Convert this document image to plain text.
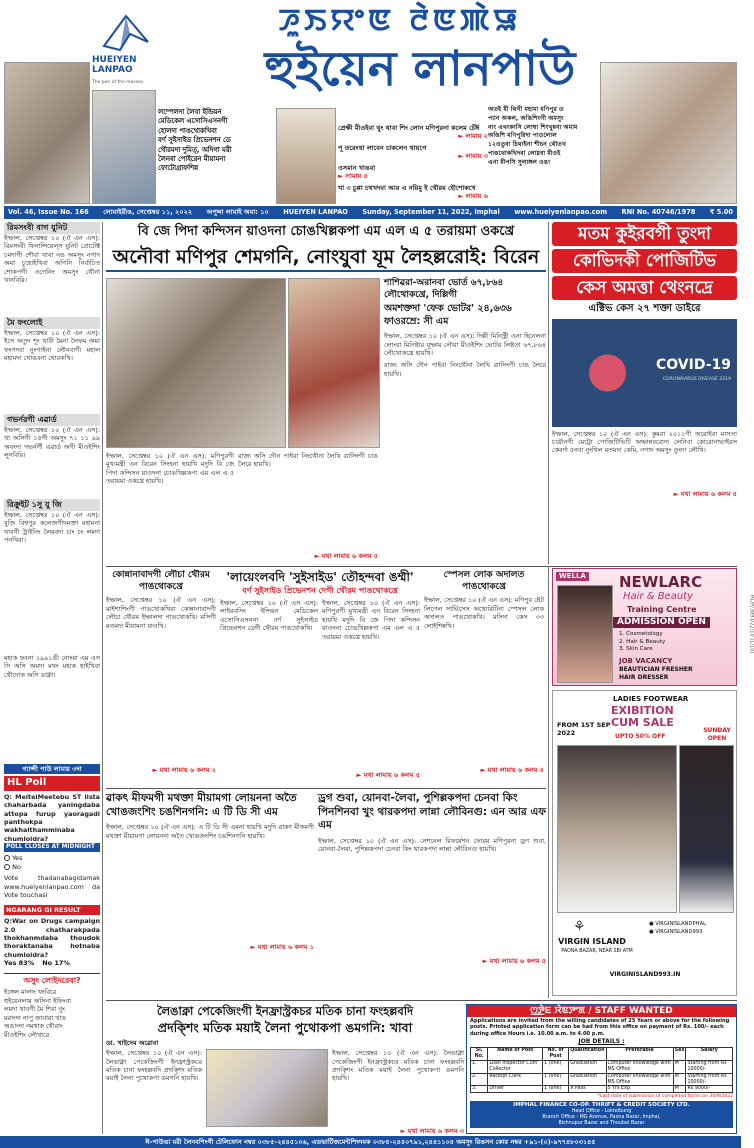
HUEIYEN LANPAO
The pen of the masses
ꯍꯨꯏꯌꯦꯟ ꯂꯥꯟꯄꯥꯎ
হুইয়েন লানপাউ
লম্পেলদা লৈবা ইন্ডিয়ন
মেডিকেল এসোসিএসনগী
হোলদা পাঙথোকখিবা
বর্ণ সুইসাইড প্রিভেনশন ডে
থৌরমদা দুমিত্, অদিগা মরী
লৈনবা পোইরেন মীয়ামনা
ফোটোগ্রাফশিন্ন
প্রেক্ষী মীওইবা থুং থাবা শিং লোন মণিপুরনা কলেম চেঁঈ
► লামায় ২
পূ তরেংথা লাবেন চাকলেন থায়গে
► লামায় ৩
ওসমান খাঙবা
► লামায় ৪
খা ৩ চুপ্পা চথখদবা আর এ নয়িমু ই থৌরম হৌশোকখে
► লামায় ৬
অতই মী থিগী মহামা মণিপুর ত
প্যান অকল, অঙিশিংগী অমসুং
নাং এথংকাসি লোম্বা শিংখুন্নবা অমাম
অঙিশি মণিপুরিদা পাওলোল
১২ওতুবা চিথাইনা শীচন থৌতখ
পাঙথোকখিদবা লোম্নবা মীওই
এনা মীপসি সুলাঙ্গল ওঙা
Vol. 46, Issue No. 166 লোমাইরীঙ, সেপ্তেম্বর ১১, ২০২২ অপুদ্দা লামাই অমা: ১০ HUEIYEN LANPAO Sunday, September 11, 2022, Imphal www.hueiyenlanpao.com RNI No. 40746/1978 ₹ 5.00
রিমসংবী বাগ যুনিট
ইম্ফাল, সেপ্তেম্বর ১০ (ঐ এন এস): রিমসংবী ফিনান্সিয়েল্স যুনিট প্রোটেক্ট চমদাগী শৌবা থাবা নঙ অমসুং নগাদ অমা চুহোইখিবা অগিনি নির্বাচিত শোকপগী ওপেনিং অমসুং থৌনা খানবিরি।
মৈ ফংলোই
ইম্ফাল, সেপ্তেম্বর ১০ (ঐ এন এস): ইসে অতুদ শূং থাবী মৈনা লৈফম অমা ফংগদবা নুংগাইনা লৌনবাগী মহাল মহামদা থোঙবনা থোরকখি।
গভর্নরগী এৱার্ড
ইম্ফাল, সেপ্তেম্বর ১০ (ঐ এন এস): থা অসিগী ১৫গী অমসুং ৭১ ১১ ৯৯ অবংদা গভর্নর্গী এৱার্ড অগী মীওইশিং লুনবিরি।
রিক্রুইট ১সু যু জি
ইম্ফাল, সেপ্তেম্বর ১০ (ঐ এন এস): যুজি বিশ্বপুর কলেজগীদমক্তা মহামনা থাবগী ট্রাইনিং লৈরবদা চাং চং লমদা পনখিবা।
মহাক ফবনা ১৯৯১ঙী নোংমা এম এস সি অসি অমদা মথং মহাক হাইখিবা থৌদোক অসি ঙাক্না।
গ্যাপ্সী পাউ লামায় ৩দা
HL Poll
Q: MeiteiMeetebu ST lista chaharbada yaningdaba attopa furup yaoragadi panthokpa wakhalthamminaba chumloidra?
POLL CLOSES AT MIDNIGHT
Yes
No
Vote thadanabagidamak www.hueiyenlanpao.com da Vote touchasi
NGARANG GI RESULT
Q:War on Drugs campaign 2.0 chatharakpada thokhanmdaba thoudok thoraktanaba hotnaba chumloidra?
Yes 83% No 17%
অসুং লোইদরেবা?
ইঙ্গেল মালাং খংবিরে
হুইয়েনলাম অসিনা ইফিংবা
লমদা থাবগী মৈ শিবা নুং
মরাংদা নাপু জাবারা খাঙ
অঙাংদা নমথাক থৌরাং
মীওইশিং লৌখারে
বি জে পিদা কন্দিসন য়াওদনা চোঙখিল্লকপা এম এল এ ৫ তরায়মা ওকখ্রে
অনৌবা মণিপুর শেমগনি, নোংযুবা যূম লৈহল্লরোই: বিরেন
ইম্ফাল, সেপ্তেম্বর ১০ (ঐ এন এস): মণিপুরগী মুখ্যমন্ত্রী এন বিরেন সিংহনা হায়খি মদুদি বি জে পিদা কন্দিসন য়াওদনা চোঙখিল্লকপা এম এল এ ৫ তরায়মা ওকখ্রে হায়খি।
রাজ্য অসি দৌন পাইবা নিংথৌনা লৈখি ত্রাসিংগী চাঙ লৈরে হায়খি।
► মথা লামায় ৬ কলম ৫
শাশিৱরা-অরানবা ভোর্ত ৬৭,৮৬৪ লৌথোকখ্রে, দিল্লিগী
অমশক্তদা 'ফেক ভোটর' ২৪,৬৩৬ ফাওরম্রে: সী এম
ইম্ফাল, সেপ্তেম্বর ১০ (ঐ এন এস): দিল্লী মিনিস্ট্রী এনা হিনেলনা লোংবা মিনিষ্টার যূম্ফাম লৌবা মীওইশিং ভোটর লিষ্টতা ৬৭,৮৬৪ লৌথোকখ্রে হায়খি।
রাজ্য অসি দৌন পাইবা নিংথৌনা লৈখি ত্রাসিংগী চাঙ লৈরে হায়খি।
মতম কুইরবগী তুংদা
কোভিদকী পোজিটিভ
কেস অমত্তা থেংনদ্রে
এক্টিভ কেস ২৭ শক্তা ডাইরে
COVID-19
CORONAVIRUS DISEASE 2019
ইম্ফাল, সেপ্তেম্বর ১০ (ঐ এন এস): কুমরা ২০১১গী অরোইবা মাসতা চয়ৌনগী ম্যেট্রা পোজিটিভিটি অম্ফান্নবরোদা লেনিবা কোরোনাভাইরস কেবর্দা ৫নবা নুংথিল মতমদা কেমি, নগাদ অমসুং তুংদা লৌখি।
► মথা লামায় ৬ কলম ৫
কোন্নানাবাদগী লৌচা থৌরম পাঙথোকখ্রে
ইম্ফাল, সেপ্তেম্বর ১০ (ঐ এন এস): মাইশাশিংগী পাঙথোকখিবা কোন্নানাবাদগী লৌচা থৌরম ইম্ফালদা পাঙথোকখি। মসিগী মতমদা মীয়ামনা যাওখি।
► মথা লামায় ৬ কলম ২
'লায়েংলবদি 'সুইসাইড' তৌহন্দবা ঙম্মী'
বর্ণ সুইসাইড প্রিভেনশন দেগী থৌরম পাঙথোকখ্রে
ইম্ফাল, সেপ্তেম্বর ১০ (ঐ এস এস): লাইরবসিং ইন্দিয়ন মেডিকেল এসোসিএসননা বর্ণ সুইসাইড প্রিভেনশন ডেগী থৌরম পাঙথোকখি।
ইম্ফাল, সেপ্তেম্বর ১০ (ঐ এন এস): মণিপুরগী মুখ্যমন্ত্রী এন বিরেন সিংহনা হায়খি মদুদি বি জে পিদা কন্দিসন য়াওদনা চোঙখিল্লকপা এম এল এ ৫ তরায়মা ওকখ্রে হায়খি।
► মথা লামায় ৬ কলম ৫
স্পেসল লোক অদালত পাঙথোকখ্রে
ইম্ফাল, সেপ্তেম্বর ১০ (ঐ এন এস): মণিপুর ষ্টেট লিগেল সার্ভিসেস অথোরিটিনা স্পেসল লোক অদালত পাঙথোকখি। মসিদা কেস ৩৩ লোইশিন্নখি।
► মথা লামায় ৬ কলম ৪
WELLA NEWLARC
Hair & Beauty
Training Centre
ADMISSION OPEN
1. Cosmetology
2. Hair & Beauty
3. Skin Care
JOB VACANCY
BEAUTICIAN FRESHER
HAIR DRESSER
HL/P/3893/22/10 (1/10)
LADIES FOOTWEAR
EXIBITION CUM SALE
FROM 1ST SEP 2022	UPTO 50% OFF
SUNDAY OPEN
⚘
VIRGIN ISLAND
PAONA BAZAR, NEAR SBI ATM
● VIRGINISLANDPHAL
● VIRGINISLAND993
VIRGINISLAND993.IN
ৱাকৎ মীফমগী মথক্তা মীয়ামগা লোয়ননা অতৈ খোঙজংশিং চঙশিনগনি: এ টি ডি সী এম
ইম্ফাল, সেপ্তেম্বর ১০ (ঐ এন এস): এ টি ডি সী এমনা হায়খি মদুদি ৱাকৎ মীফমগী মথক্তা মীয়ামগা লোয়ননা অতৈ খোঙজংশিং চঙশিনগনি হায়খি।
► মথা লামায় ৬ কলম ১
ড্রগ শুবা, য়োনবা-লৈবা, পুশিল্লকপদা চেনবা কিং পিনশিনবা খুং থারকপদা লান্না লৌবিনগু: এন আর এফ এম
ইম্ফাল, সেপ্তেম্বর ১০ (ঐ এন এস): নেশনেল রিফর্মেশন ফোরম মণিপুরনা ড্রগ শুবা, য়োনবা-লৈবা, পুশিল্লকপদা চেনবা কিং থারকপদা লান্না লৌবিনগু হায়খি।
► মথা লামায় ৬ কলম ৫
লৈঙাক্না পেকেজিংগী ইনফ্রাস্ট্রকচর মতিক চানা ফংহল্লবদি
প্রদক্শিং মতিক ময়াই লৈনা পুথোকপা ঙমগনি: খাবা
ডা. খাইদেম অৱোবা
ইম্ফাল, সেপ্তেম্বর ১০ (ঐ এন এস): লৈঙাক্না পেকেজিংগী ইনফ্রাস্ট্রকচর মতিক চানা ফংহল্লবদি প্রদক্শিং মতিক ময়াই লৈনা পুথোকপা ঙমগনি হায়খি।
ইম্ফাল, সেপ্তেম্বর ১০ (ঐ এন এস): লৈঙাক্না পেকেজিংগী ইনফ্রাস্ট্রকচর মতিক চানা ফংহল্লবদি প্রদক্শিং মতিক ময়াই লৈনা পুথোকপা ঙমগনি হায়খি।
► মথা লামায় ৬ কলম ৩
ꯁ꯭ꯇꯥꯐ ꯋꯥꯟꯇꯦꯗ / STAFF WANTED
Applications are invited from the willing candidates of 25 Years or above for the following posts. Printed application form can be had from this office on payment of Rs. 100/- each during office Hours i.e. 10.00 a.m. to 4.00 p.m.
JOB DETAILS :
Sl. No.	Name of Post	No. of Post	Qualification	Preferable	Sex	Salary
1.	Loan Inspector Cum Collector	1 (one)	Graduation	Computer knowledge with MS Office	M	Starting from Rs 10000/-
2.	Receipt Clerk	1 (one)	Graduation	Computer knowledge with MS Office	M	Starting from Rs 10000/-
3.	Driver	1 (one)	X Pass	5 Yrs Exp.	M	Rs 9000/-
*Last date of submission of completed forms on 30/9/2022
IMPHAL FINANCE CO-OP. THRIFT & CREDIT SOCIETY LTD.
Head Office - Lokteibung
Branch Office - MG Avenue, Paona Bazar, Imphal,
Bishnupur Bazar and Thoubal Bazar
ঈ-পাউঙা মরী লৈনবশিংগী টেলিফোন নম্বর ০৩৮৫-২৪৪৫১০৬, এডভার্টিজমেন্টশিংদমক ০৩৮৫-২৪৪০৭৯১,২৪৪১১০৪ অমসুং রিঙসন কোর নম্বর +৯১-(০)-৯৭৭৪৮০৩১৪৫
